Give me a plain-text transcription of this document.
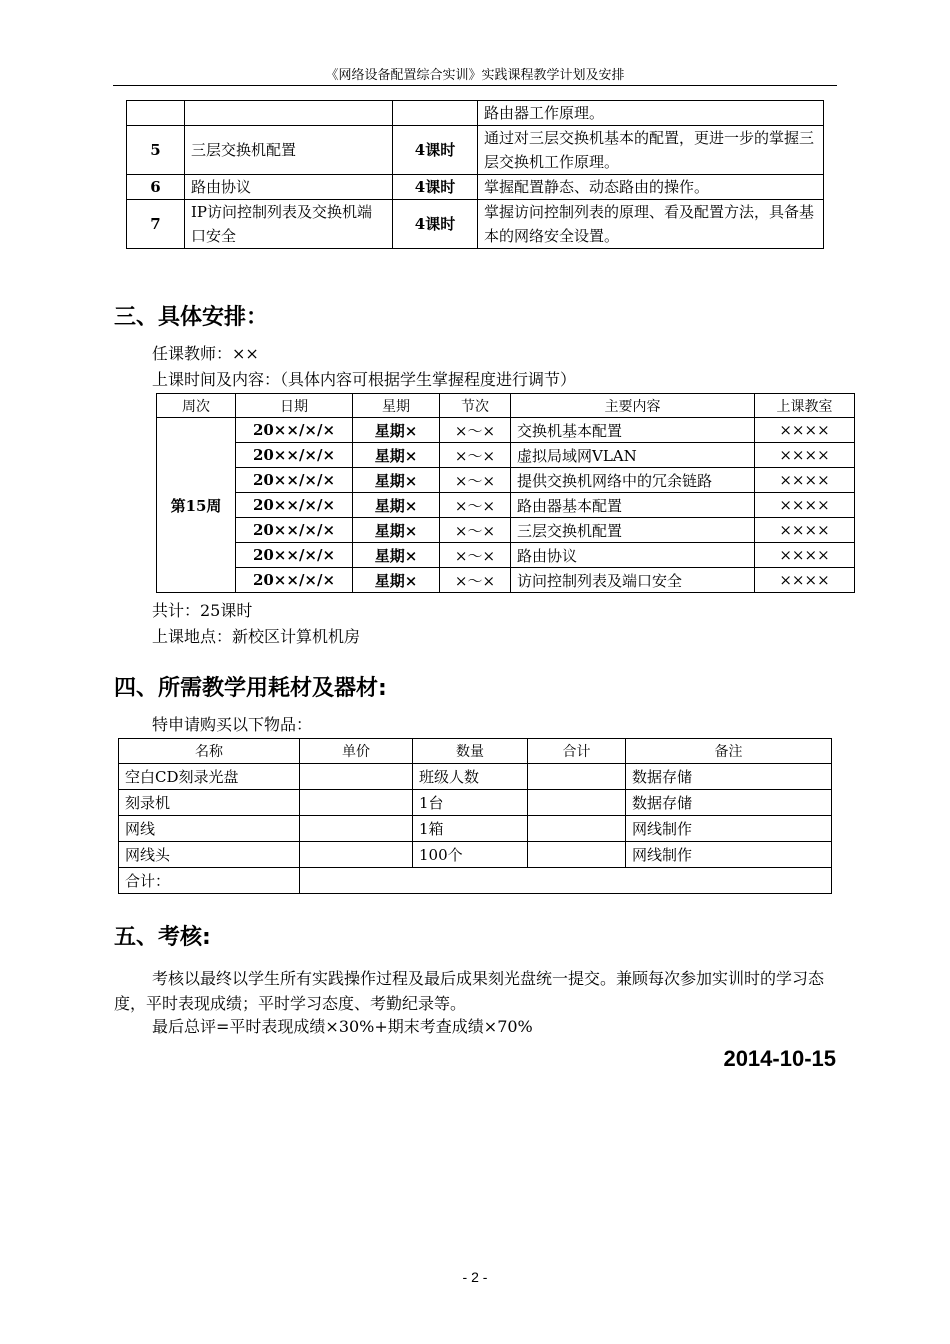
《网络设备配置综合实训》实践课程教学计划及安排
			路由器工作原理。
5	三层交换机配置	4课时	通过对三层交换机基本的配置，更进一步的掌握三层交换机工作原理。
6	路由协议	4课时	掌握配置静态、动态路由的操作。
7	IP访问控制列表及交换机端口安全	4课时	掌握访问控制列表的原理、看及配置方法，具备基本的网络安全设置。
三、具体安排：

任课教师：××

上课时间及内容：（具体内容可根据学生掌握程度进行调节）

周次	日期	星期	节次	主要内容	上课教室
第15周	20××/×/×	星期×	×～×	交换机基本配置	××××
	20××/×/×	星期×	×～×	虚拟局域网VLAN	××××
	20××/×/×	星期×	×～×	提供交换机网络中的冗余链路	××××
	20××/×/×	星期×	×～×	路由器基本配置	××××
	20××/×/×	星期×	×～×	三层交换机配置	××××
	20××/×/×	星期×	×～×	路由协议	××××
	20××/×/×	星期×	×～×	访问控制列表及端口安全	××××

共计：25课时

上课地点：新校区计算机机房

四、所需教学用耗材及器材:

特申请购买以下物品：

名称	单价	数量	合计	备注
空白CD刻录光盘		班级人数		数据存储
刻录机		1台		数据存储
网线		1箱		网线制作
网线头		100个		网线制作
合计：				
五、考核:

考核以最终以学生所有实践操作过程及最后成果刻光盘统一提交。兼顾每次参加实训时的学习态度，平时表现成绩；平时学习态度、考勤纪录等。

最后总评=平时表现成绩×30%+期末考查成绩×70%

2014-10-15
- 2 -
